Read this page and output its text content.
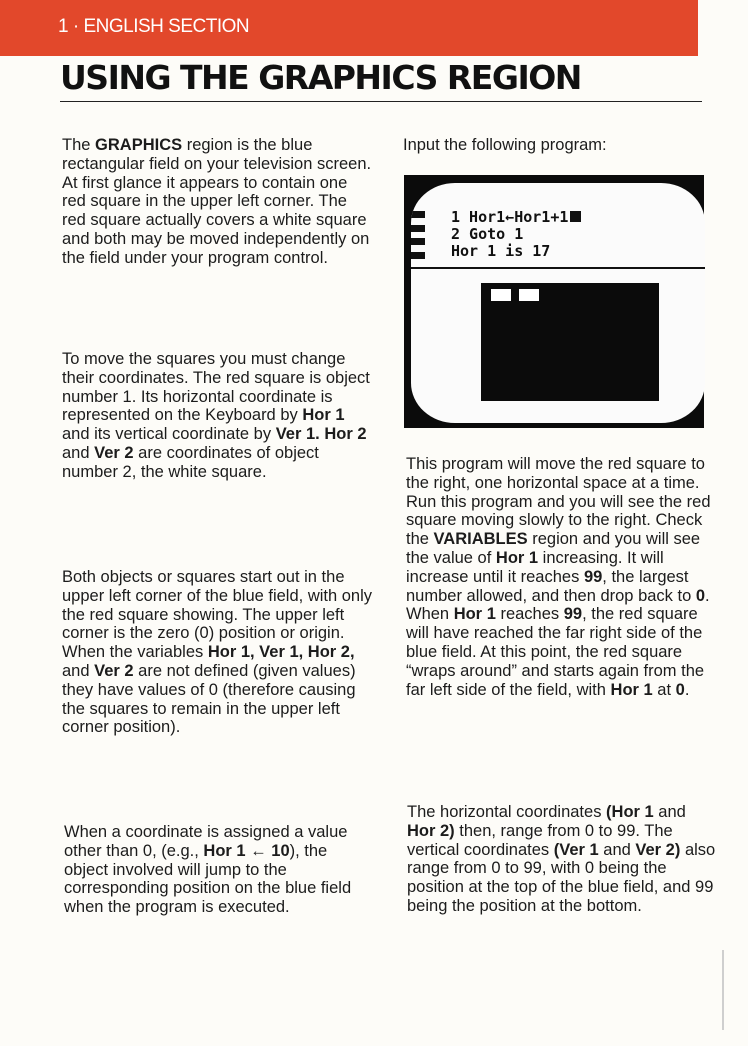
1 · ENGLISH SECTION
USING THE GRAPHICS REGION

The GRAPHICS region is the blue rectangular field on your television screen. At first glance it appears to contain one red square in the upper left corner. The red square actually covers a white square and both may be moved independently on the field under your program control.

To move the squares you must change their coordinates. The red square is object number 1. Its horizontal coordinate is represented on the Keyboard by Hor 1 and its vertical coordinate by Ver 1. Hor 2 and Ver 2 are coordinates of object number 2, the white square.

Both objects or squares start out in the upper left corner of the blue field, with only the red square showing. The upper left corner is the zero (0) position or origin. When the variables Hor 1, Ver 1, Hor 2, and Ver 2 are not defined (given values) they have values of 0 (therefore causing the squares to remain in the upper left corner position).

When a coordinate is assigned a value other than 0, (e.g., Hor 1 ← 10), the object involved will jump to the corresponding position on the blue field when the program is executed.

Input the following program:

1 Hor1←Hor1+1
2 Goto 1
Hor 1 is 17

This program will move the red square to the right, one horizontal space at a time. Run this program and you will see the red square moving slowly to the right. Check the VARIABLES region and you will see the value of Hor 1 increasing. It will increase until it reaches 99, the largest number allowed, and then drop back to 0. When Hor 1 reaches 99, the red square will have reached the far right side of the blue field. At this point, the red square “wraps around” and starts again from the far left side of the field, with Hor 1 at 0.

The horizontal coordinates (Hor 1 and Hor 2) then, range from 0 to 99. The vertical coordinates (Ver 1 and Ver 2) also range from 0 to 99, with 0 being the position at the top of the blue field, and 99 being the position at the bottom.
